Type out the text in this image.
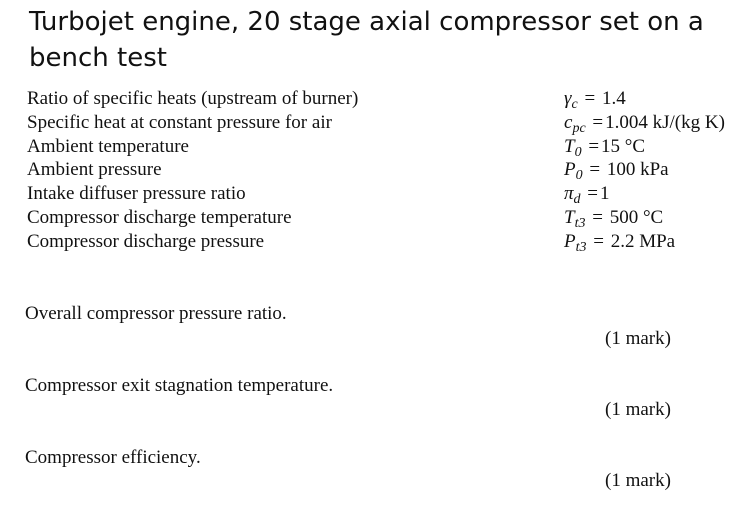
Turbojet engine, 20 stage axial compressor set on a bench test
Ratio of specific heats (upstream of burner)	$\gamma_c = 1.4$
Specific heat at constant pressure for air	$c_{pc} = 1.004$ kJ/(kg K)
Ambient temperature	$T_0 = 15$ °C
Ambient pressure	$P_0 = 100$ kPa
Intake diffuser pressure ratio	$\pi_d = 1$
Compressor discharge temperature	$T_{t3} = 500$ °C
Compressor discharge pressure	$P_{t3} = 2.2$ MPa
Overall compressor pressure ratio.
(1 mark)
Compressor exit stagnation temperature.
(1 mark)
Compressor efficiency.
(1 mark)
